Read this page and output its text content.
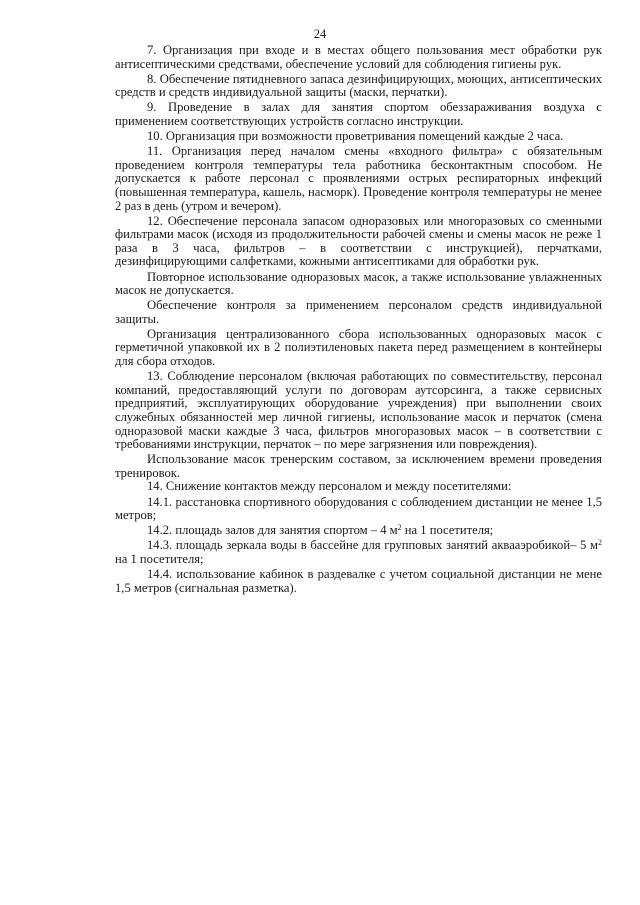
24

7. Организация при входе и в местах общего пользования мест обработки рук антисептическими средствами, обеспечение условий для соблюдения гигиены рук.

8. Обеспечение пятидневного запаса дезинфицирующих, моющих, антисептических средств и средств индивидуальной защиты (маски, перчатки).

9. Проведение в залах для занятия спортом обеззараживания воздуха с применением соответствующих устройств согласно инструкции.

10. Организация при возможности проветривания помещений каждые 2 часа.

11. Организация перед началом смены «входного фильтра» с обязательным проведением контроля температуры тела работника бесконтактным способом. Не допускается к работе персонал с проявлениями острых респираторных инфекций (повышенная температура, кашель, насморк). Проведение контроля температуры не менее 2 раз в день (утром и вечером).

12. Обеспечение персонала запасом одноразовых или многоразовых со сменными фильтрами масок (исходя из продолжительности рабочей смены и смены масок не реже 1 раза в 3 часа, фильтров – в соответствии с инструкцией), перчатками, дезинфицирующими салфетками, кожными антисептиками для обработки рук.

Повторное использование одноразовых масок, а также использование увлажненных масок не допускается.

Обеспечение контроля за применением персоналом средств индивидуальной защиты.

Организация централизованного сбора использованных одноразовых масок с герметичной упаковкой их в 2 полиэтиленовых пакета перед размещением в контейнеры для сбора отходов.

13. Соблюдение персоналом (включая работающих по совместительству, персонал компаний, предоставляющий услуги по договорам аутсорсинга, а также сервисных предприятий, эксплуатирующих оборудование учреждения) при выполнении своих служебных обязанностей мер личной гигиены, использование масок и перчаток (смена одноразовой маски каждые 3 часа, фильтров многоразовых масок – в соответствии с требованиями инструкции, перчаток – по мере загрязнения или повреждения).

Использование масок тренерским составом, за исключением времени проведения тренировок.

14. Снижение контактов между персоналом и между посетителями:

14.1. расстановка спортивного оборудования с соблюдением дистанции не менее 1,5 метров;

14.2. площадь залов для занятия спортом – 4 $м^2$ на 1 посетителя;

14.3. площадь зеркала воды в бассейне для групповых занятий аквааэробикой– 5 $м^2$ на 1 посетителя;

14.4. использование кабинок в раздевалке с учетом социальной дистанции не мене 1,5 метров (сигнальная разметка).
